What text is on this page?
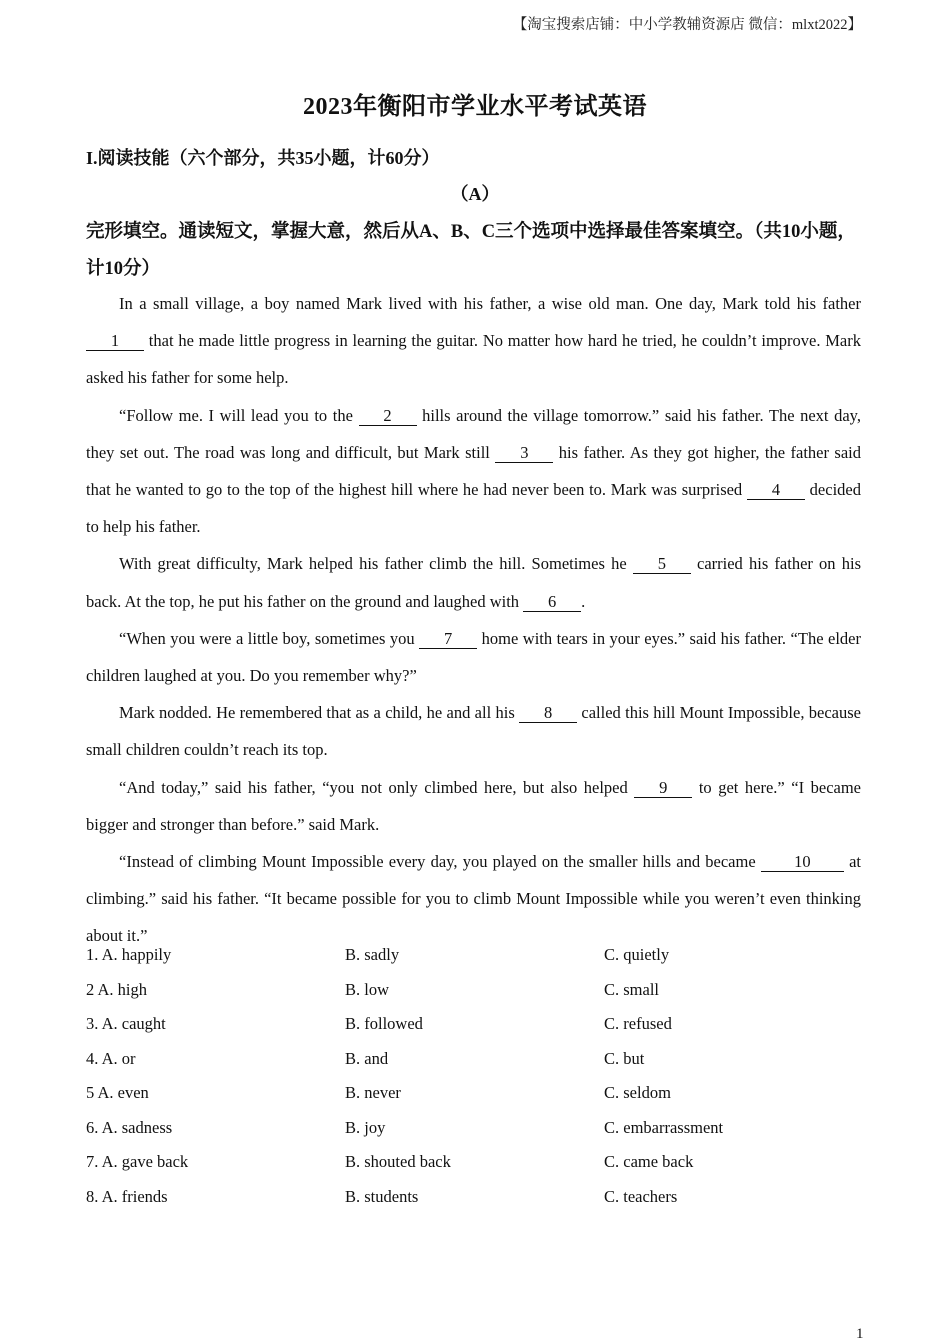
【淘宝搜索店铺：中小学教辅资源店 微信：mlxt2022】
2023年衡阳市学业水平考试英语
I.阅读技能（六个部分，共35小题，计60分）
（A）
完形填空。通读短文，掌握大意，然后从A、B、C三个选项中选择最佳答案填空。（共10小题，计10分）

In a small village, a boy named Mark lived with his father, a wise old man. One day, Mark told his father 1 that he made little progress in learning the guitar. No matter how hard he tried, he couldn’t improve. Mark asked his father for some help.

“Follow me. I will lead you to the 2 hills around the village tomorrow.” said his father. The next day, they set out. The road was long and difficult, but Mark still 3 his father. As they got higher, the father said that he wanted to go to the top of the highest hill where he had never been to. Mark was surprised 4 decided to help his father.

With great difficulty, Mark helped his father climb the hill. Sometimes he 5 carried his father on his back. At the top, he put his father on the ground and laughed with 6 .

“When you were a little boy, sometimes you 7 home with tears in your eyes.” said his father. “The elder children laughed at you. Do you remember why?”

Mark nodded. He remembered that as a child, he and all his 8 called this hill Mount Impossible, because small children couldn’t reach its top.

“And today,” said his father, “you not only climbed here, but also helped 9 to get here.” “I became bigger and stronger than before.” said Mark.

“Instead of climbing Mount Impossible every day, you played on the smaller hills and became 10 at climbing.” said his father. “It became possible for you to climb Mount Impossible while you weren’t even thinking about it.”

1. A. happily	B. sadly	C. quietly
2 A. high	B. low	C. small
3. A. caught	B. followed	C. refused
4. A. or	B. and	C. but
5 A. even	B. never	C. seldom
6. A. sadness	B. joy	C. embarrassment
7. A. gave back	B. shouted back	C. came back
8. A. friends	B. students	C. teachers
1
